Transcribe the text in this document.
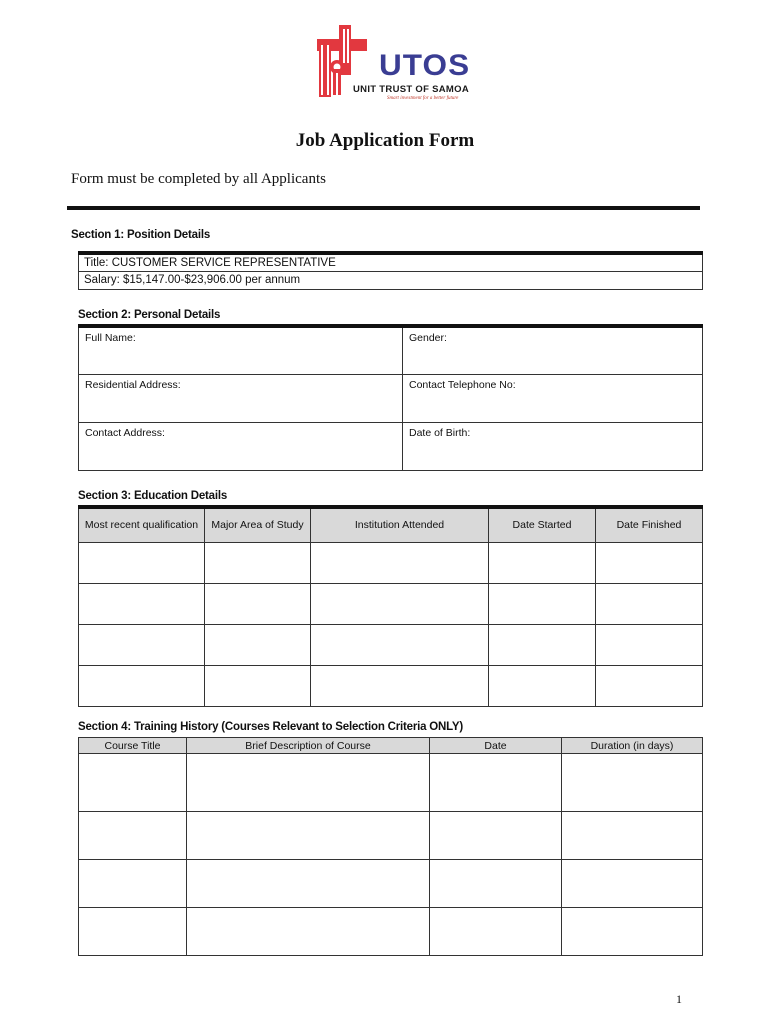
UTOS
UNIT TRUST OF SAMOA
Smart investment for a better future
Job Application Form
Form must be completed by all Applicants
Section 1: Position Details
Title: CUSTOMER SERVICE REPRESENTATIVE
Salary: $15,147.00-$23,906.00 per annum
Section 2: Personal Details
Full Name:	Gender:
Residential Address:	Contact Telephone No:
Contact Address:	Date of Birth:
Section 3: Education Details
Most recent qualification	Major Area of Study	Institution Attended	Date Started	Date Finished

Section 4: Training History (Courses Relevant to Selection Criteria ONLY)
Course Title	Brief Description of Course	Date	Duration (in days)

1
